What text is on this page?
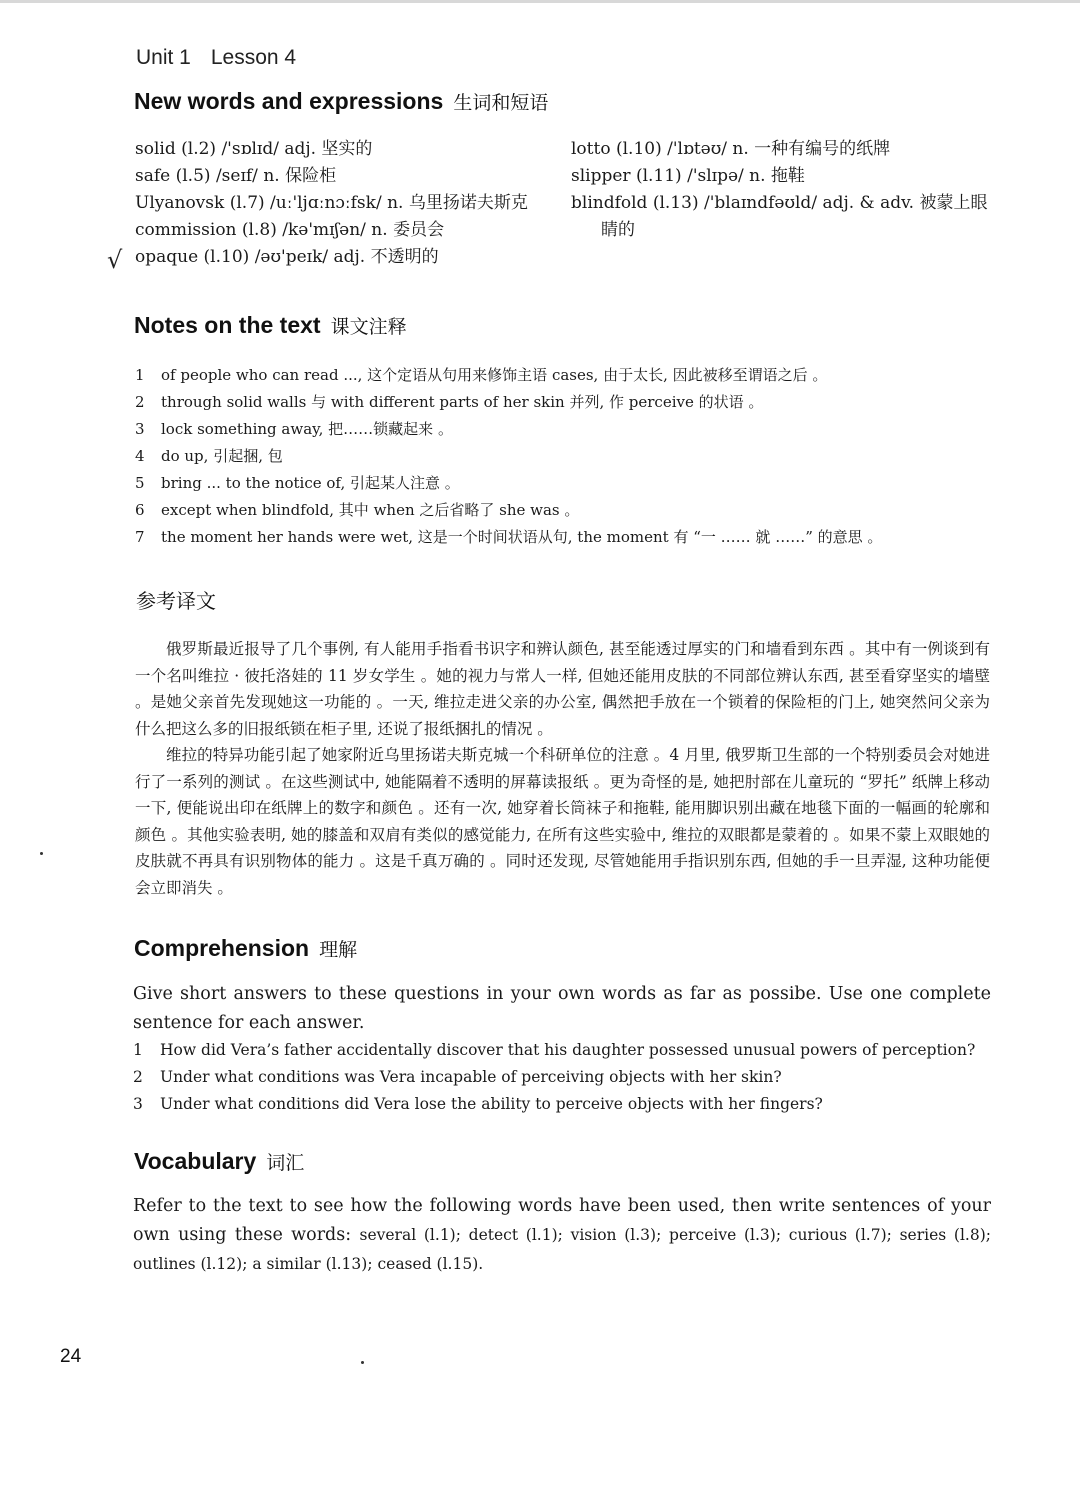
Unit 1 Lesson 4
New words and expressions 生词和短语
solid (l.2) /'sɒlɪd/ adj. 坚实的
safe (l.5) /seɪf/ n. 保险柜
Ulyanovsk (l.7) /uː'ljɑːnɔːfsk/ n. 乌里扬诺夫斯克
commission (l.8) /kə'mɪʃən/ n. 委员会
opaque (l.10) /əʊ'peɪk/ adj. 不透明的
√
lotto (l.10) /'lɒtəʊ/ n. 一种有编号的纸牌
slipper (l.11) /'slɪpə/ n. 拖鞋
blindfold (l.13) /'blaɪndfəʊld/ adj. & adv. 被蒙上眼
睛的
Notes on the text 课文注释
1 of people who can read ..., 这个定语从句用来修饰主语 cases, 由于太长, 因此被移至谓语之后 。
2 through solid walls 与 with different parts of her skin 并列, 作 perceive 的状语 。
3 lock something away, 把……锁藏起来 。
4 do up, 引起捆, 包
5 bring ... to the notice of, 引起某人注意 。
6 except when blindfold, 其中 when 之后省略了 she was 。
7 the moment her hands were wet, 这是一个时间状语从句, the moment 有 “一 …… 就 ……” 的意思 。
参考译文

俄罗斯最近报导了几个事例, 有人能用手指看书识字和辨认颜色, 甚至能透过厚实的门和墙看到东西 。其中有一例谈到有一个名叫维拉 · 彼托洛娃的 11 岁女学生 。她的视力与常人一样, 但她还能用皮肤的不同部位辨认东西, 甚至看穿坚实的墙壁 。是她父亲首先发现她这一功能的 。一天, 维拉走进父亲的办公室, 偶然把手放在一个锁着的保险柜的门上, 她突然问父亲为什么把这么多的旧报纸锁在柜子里, 还说了报纸捆扎的情况 。

维拉的特异功能引起了她家附近乌里扬诺夫斯克城一个科研单位的注意 。4 月里, 俄罗斯卫生部的一个特别委员会对她进行了一系列的测试 。在这些测试中, 她能隔着不透明的屏幕读报纸 。更为奇怪的是, 她把肘部在儿童玩的 “罗托” 纸牌上移动一下, 便能说出印在纸牌上的数字和颜色 。还有一次, 她穿着长筒袜子和拖鞋, 能用脚识别出藏在地毯下面的一幅画的轮廓和颜色 。其他实验表明, 她的膝盖和双肩有类似的感觉能力, 在所有这些实验中, 维拉的双眼都是蒙着的 。如果不蒙上双眼她的皮肤就不再具有识别物体的能力 。这是千真万确的 。同时还发现, 尽管她能用手指识别东西, 但她的手一旦弄湿, 这种功能便会立即消失 。

Comprehension 理解
Give short answers to these questions in your own words as far as possibe. Use one complete sentence for each answer.
1 How did Vera’s father accidentally discover that his daughter possessed unusual powers of perception?
2 Under what conditions was Vera incapable of perceiving objects with her skin?
3 Under what conditions did Vera lose the ability to perceive objects with her fingers?
Vocabulary 词汇
Refer to the text to see how the following words have been used, then write sentences of your own using these words: several (l.1); detect (l.1); vision (l.3); perceive (l.3); curious (l.7); series (l.8); outlines (l.12); a similar (l.13); ceased (l.15).
24
